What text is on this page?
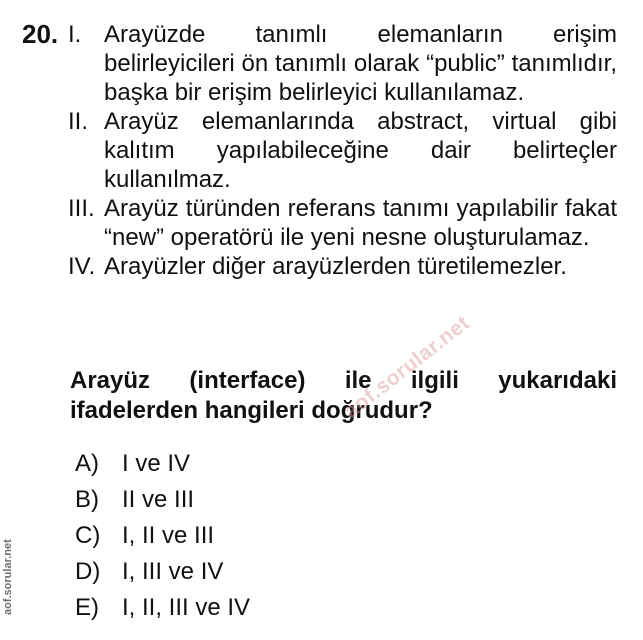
20. I. Arayüzde tanımlı elemanların erişim belirleyicileri ön tanımlı olarak “public” tanımlıdır, başka bir erişim belirleyici kullanılamaz.
II. Arayüz elemanlarında abstract, virtual gibi kalıtım yapılabileceğine dair belirteçler kullanılmaz.
III. Arayüz türünden referans tanımı yapılabilir fakat “new” operatörü ile yeni nesne oluşturulamaz.
IV. Arayüzler diğer arayüzlerden türetilemezler.
Arayüz (interface) ile ilgili yukarıdaki ifadelerden hangileri doğrudur?
A) I ve IV
B) II ve III
C) I, II ve III
D) I, III ve IV
E) I, II, III ve IV
aof.sorular.net
aof.sorular.net
